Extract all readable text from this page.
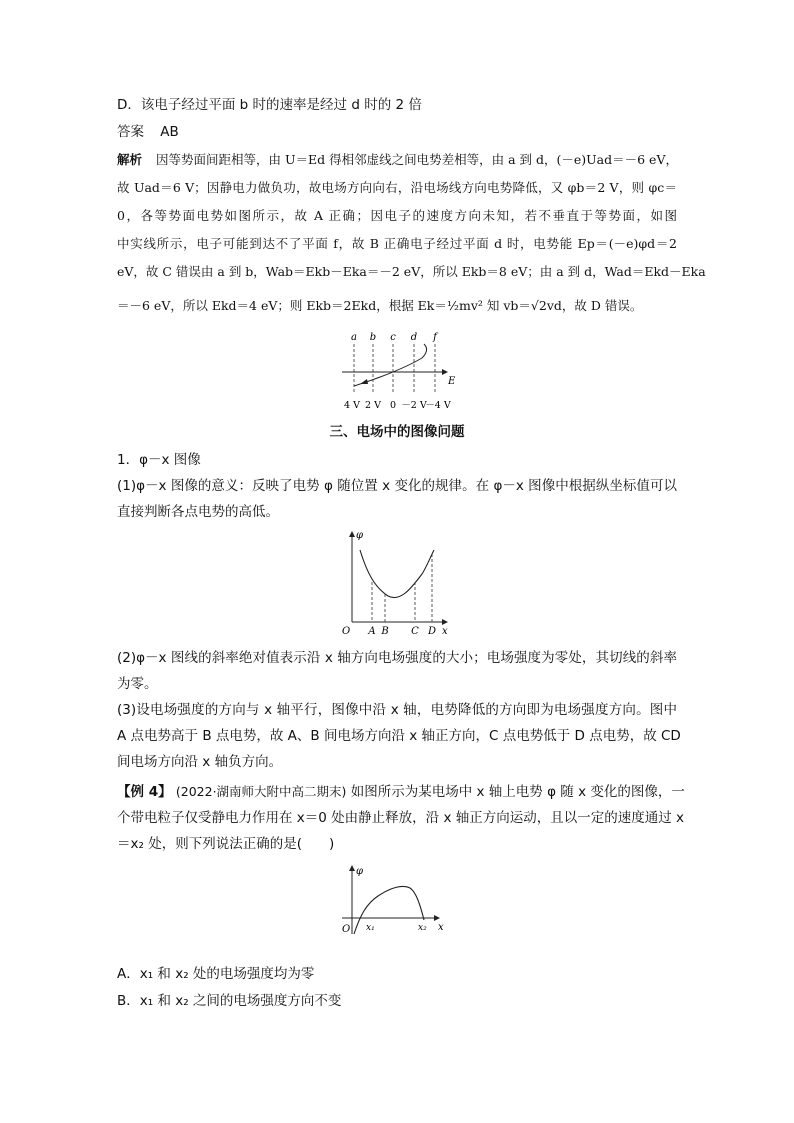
D．该电子经过平面 b 时的速率是经过 d 时的 2 倍
答案 AB
解析 因等势面间距相等，由 U＝Ed 得相邻虚线之间电势差相等，由 a 到 d，(－e)Uad＝－6 eV，
故 Uad＝6 V；因静电力做负功，故电场方向向右，沿电场线方向电势降低，又 φb＝2 V，则 φc＝
0，各等势面电势如图所示，故 A 正确；因电子的速度方向未知，若不垂直于等势面，如图
中实线所示，电子可能到达不了平面 f，故 B 正确电子经过平面 d 时，电势能 Ep＝(－e)φd＝2
eV，故 C 错误由 a 到 b，Wab＝Ekb－Eka＝－2 eV，所以 Ekb＝8 eV；由 a 到 d，Wad＝Ekd－Eka
＝－6 eV，所以 Ekd＝4 eV；则 Ekb＝2Ekd，根据 Ek＝½mv² 知 vb＝√2vd，故 D 错误。
a b c d f
E
4 V 2 V 0 －2 V
－4 V
三、电场中的图像问题
1．φ－x 图像
(1)φ－x 图像的意义：反映了电势 φ 随位置 x 变化的规律。在 φ－x 图像中根据纵坐标值可以
直接判断各点电势的高低。
φ
O A B C D x
(2)φ－x 图线的斜率绝对值表示沿 x 轴方向电场强度的大小；电场强度为零处，其切线的斜率
为零。
(3)设电场强度的方向与 x 轴平行，图像中沿 x 轴，电势降低的方向即为电场强度方向。图中
A 点电势高于 B 点电势，故 A、B 间电场方向沿 x 轴正方向，C 点电势低于 D 点电势，故 CD
间电场方向沿 x 轴负方向。
【例 4】 (2022·湖南师大附中高二期末) 如图所示为某电场中 x 轴上电势 φ 随 x 变化的图像，一
个带电粒子仅受静电力作用在 x＝0 处由静止释放，沿 x 轴正方向运动，且以一定的速度通过 x
＝x₂ 处，则下列说法正确的是(　　)
φ
O x₁	x₂ x
A．x₁ 和 x₂ 处的电场强度均为零
B．x₁ 和 x₂ 之间的电场强度方向不变
